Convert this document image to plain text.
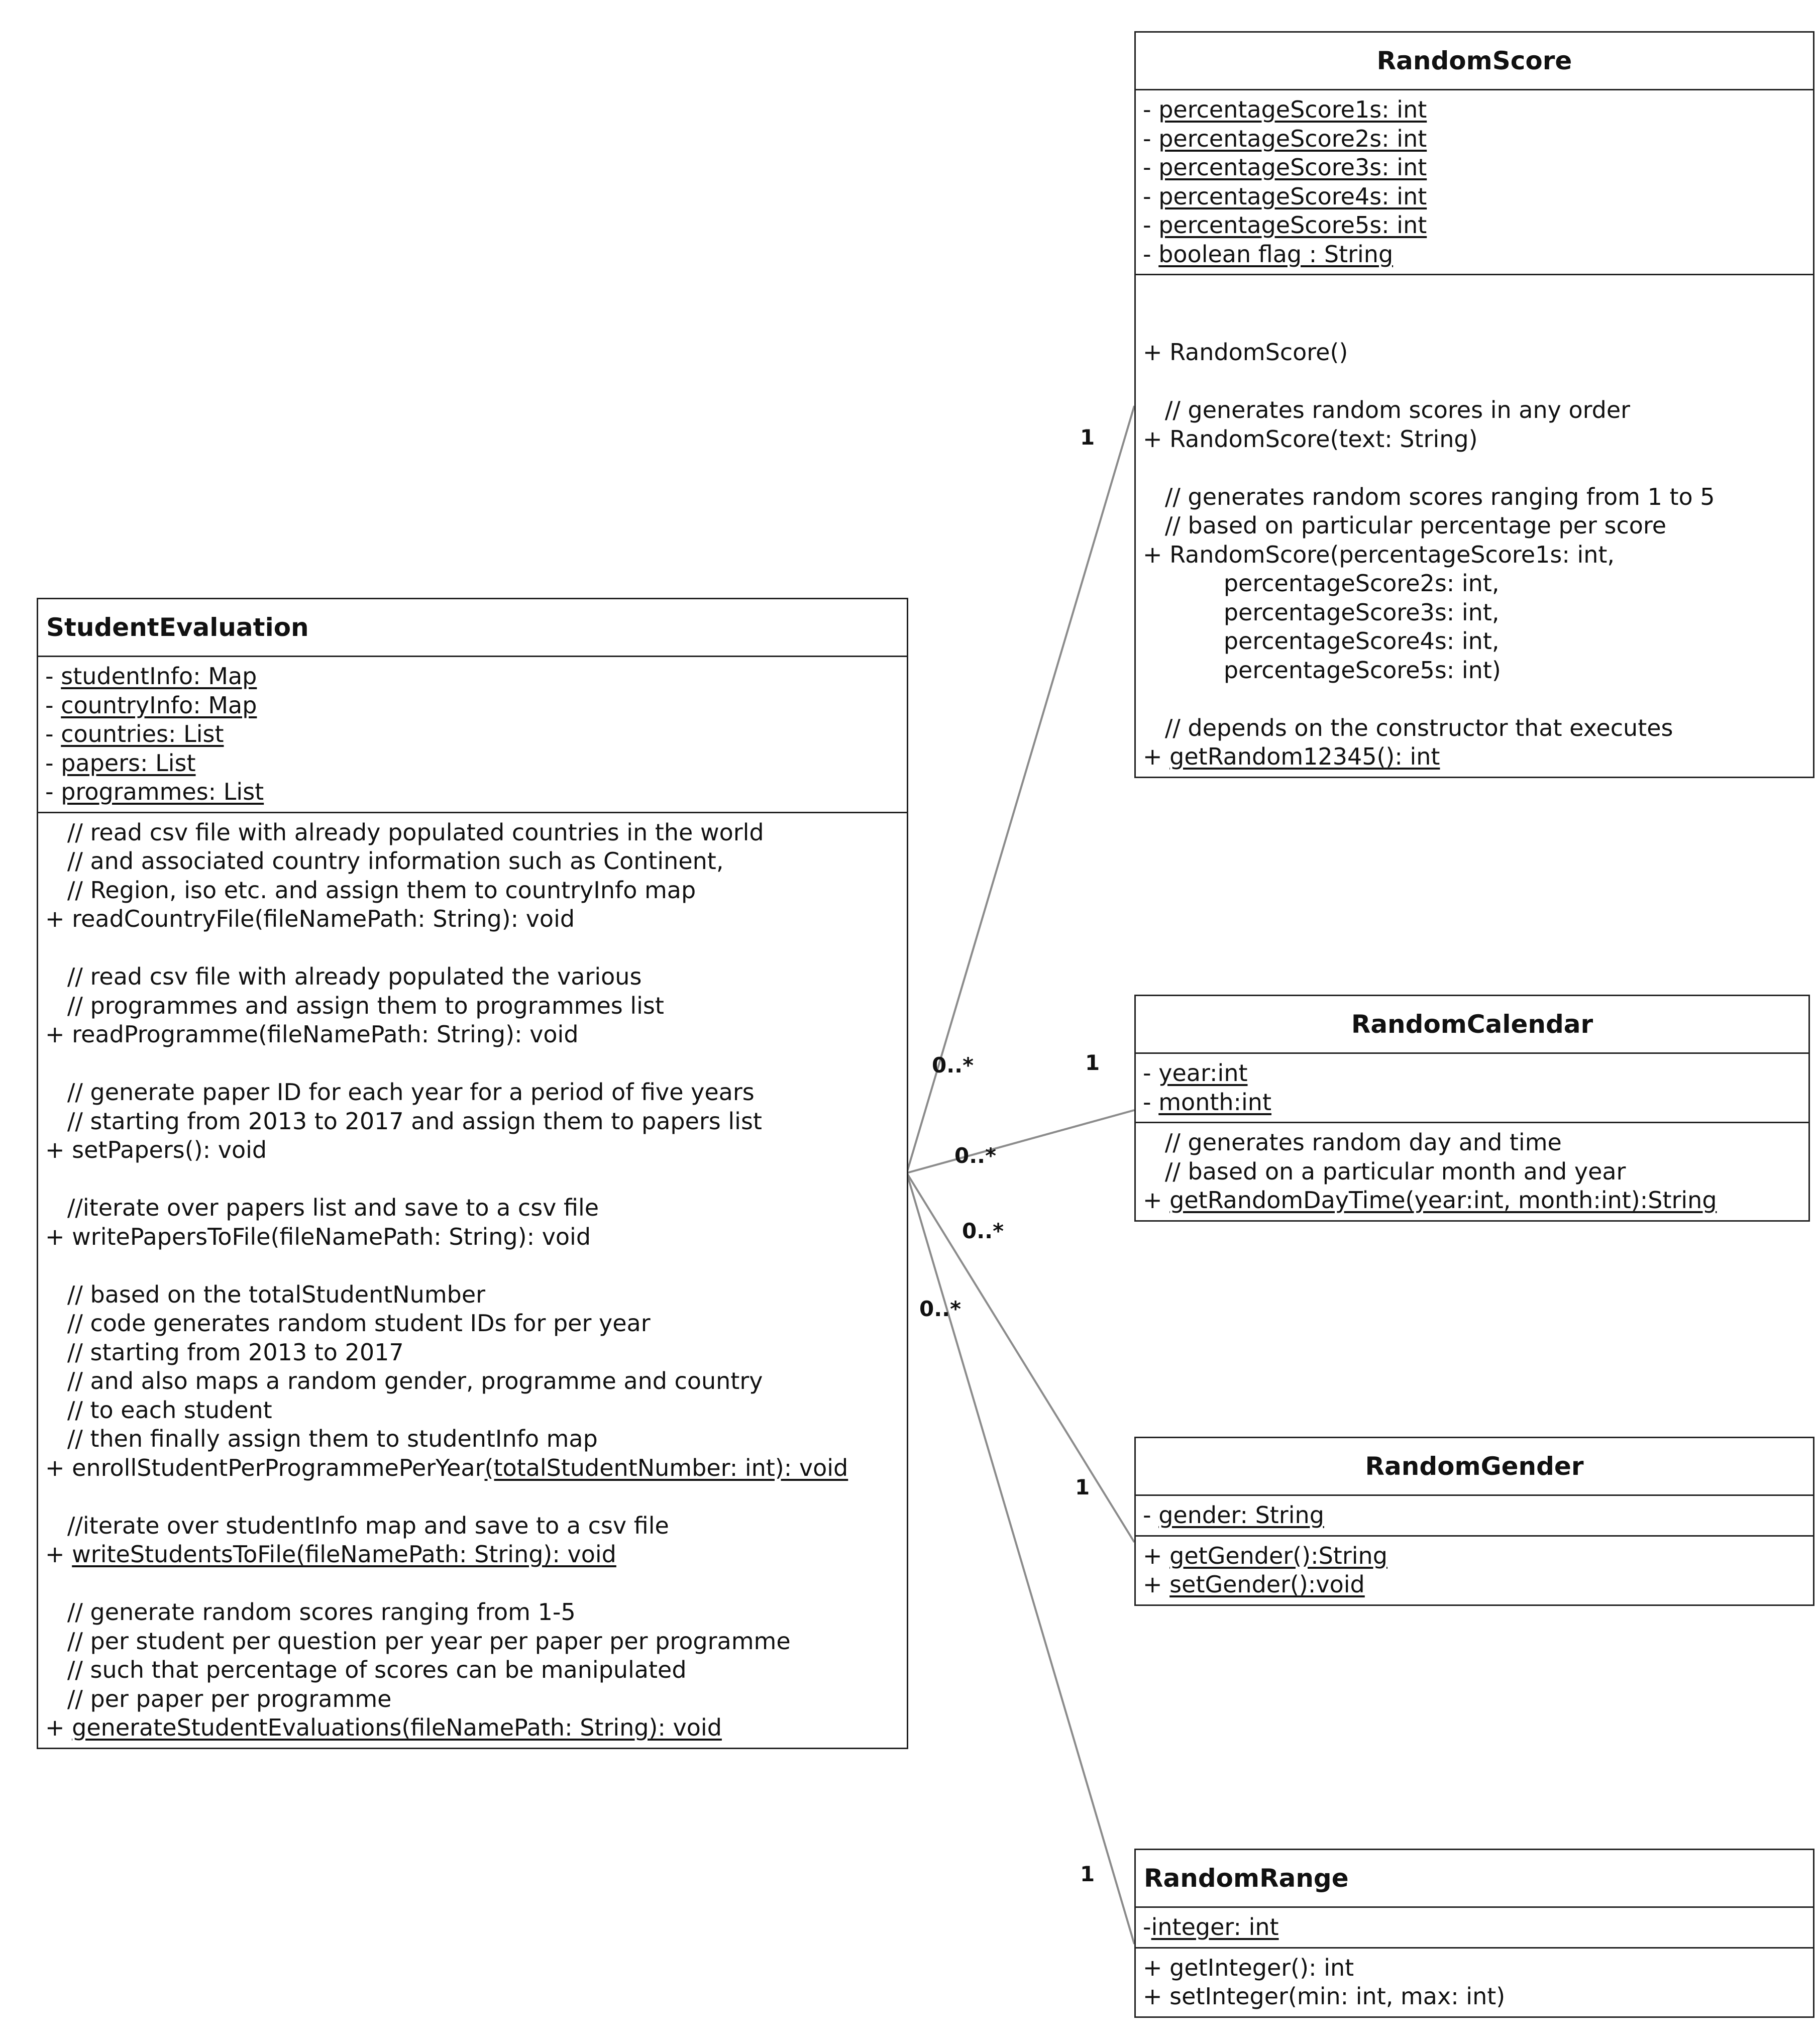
StudentEvaluation
- studentInfo: Map
- countryInfo: Map
- countries: List
- papers: List
- programmes: List
// read csv file with already populated countries in the world
// and associated country information such as Continent,
// Region, iso etc. and assign them to countryInfo map
+ readCountryFile(fileNamePath: String): void

// read csv file with already populated the various
// programmes and assign them to programmes list
+ readProgramme(fileNamePath: String): void

// generate paper ID for each year for a period of five years
// starting from 2013 to 2017 and assign them to papers list
+ setPapers(): void

//iterate over papers list and save to a csv file
+ writePapersToFile(fileNamePath: String): void

// based on the totalStudentNumber
// code generates random student IDs for per year
// starting from 2013 to 2017
// and also maps a random gender, programme and country
// to each student
// then finally assign them to studentInfo map
+ enrollStudentPerProgrammePerYear(totalStudentNumber: int): void

//iterate over studentInfo map and save to a csv file
+ writeStudentsToFile(fileNamePath: String): void

// generate random scores ranging from 1-5
// per student per question per year per paper per programme
// such that percentage of scores can be manipulated
// per paper per programme
+ generateStudentEvaluations(fileNamePath: String): void
RandomScore
- percentageScore1s: int
- percentageScore2s: int
- percentageScore3s: int
- percentageScore4s: int
- percentageScore5s: int
- boolean flag : String

+ RandomScore()

// generates random scores in any order
+ RandomScore(text: String)

// generates random scores ranging from 1 to 5
// based on particular percentage per score
+ RandomScore(percentageScore1s: int,
percentageScore2s: int,
percentageScore3s: int,
percentageScore4s: int,
percentageScore5s: int)

// depends on the constructor that executes
+ getRandom12345(): int
RandomCalendar
- year:int
- month:int
// generates random day and time
// based on a particular month and year
+ getRandomDayTime(year:int, month:int):String
RandomGender
- gender: String
+ getGender():String
+ setGender():void
RandomRange
-integer: int
+ getInteger(): int
+ setInteger(min: int, max: int)
1
0..*	1
0..*
0..*
1
0..*
1
